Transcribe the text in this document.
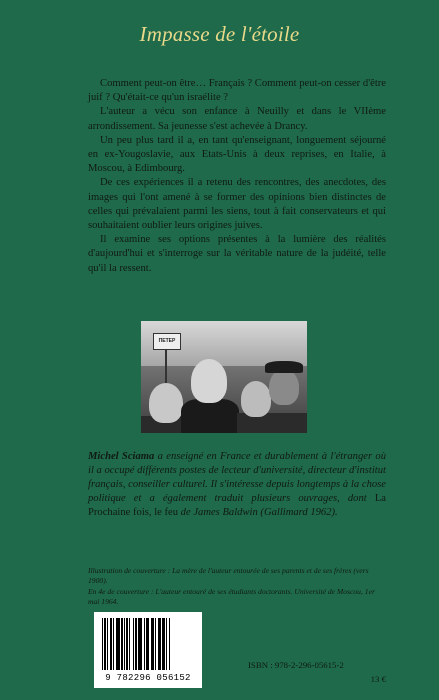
Impasse de l'étoile

Comment peut-on être… Français ? Comment peut-on cesser d'être juif ? Qu'était-ce qu'un israélite ?

L'auteur a vécu son enfance à Neuilly et dans le VIIème arrondissement. Sa jeunesse s'est achevée à Drancy.

Un peu plus tard il a, en tant qu'enseignant, longuement séjourné en ex-Yougoslavie, aux Etats-Unis à deux reprises, en Italie, à Moscou, à Edimbourg.

De ces expériences il a retenu des rencontres, des anecdotes, des images qui l'ont amené à se former des opinions bien distinctes de celles qui prévalaient parmi les siens, tout à fait conservateurs et qui souhaitaient oublier leurs origines juives.

Il examine ses options présentes à la lumière des réalités d'aujourd'hui et s'interroge sur la véritable nature de la judéité, telle qu'il la ressent.

ПЕТЕР
Michel Sciama a enseigné en France et durablement à l'étranger où il a occupé différents postes de lecteur d'université, directeur d'institut français, conseiller culturel. Il s'intéresse depuis longtemps à la chose politique et a également traduit plusieurs ouvrages, dont La Prochaine fois, le feu de James Baldwin (Gallimard 1962).

Illustration de couverture : La mère de l'auteur entourée de ses parents et de ses frères (vers 1900).

En 4e de couverture : L'auteur entouré de ses étudiants doctorants. Université de Moscou, 1er mai 1964.

9 782296 056152
ISBN : 978-2-296-05615-2
13 €
